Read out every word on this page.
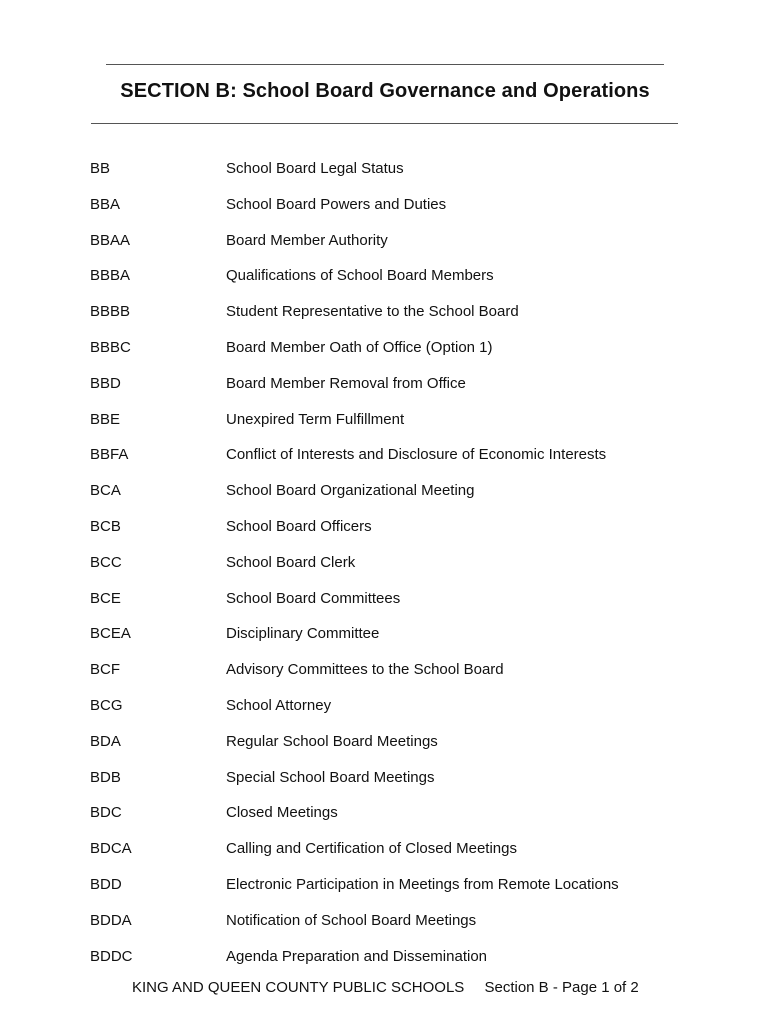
SECTION B: School Board Governance and Operations
BB	School Board Legal Status
BBA	School Board Powers and Duties
BBAA	Board Member Authority
BBBA	Qualifications of School Board Members
BBBB	Student Representative to the School Board
BBBC	Board Member Oath of Office (Option 1)
BBD	Board Member Removal from Office
BBE	Unexpired Term Fulfillment
BBFA	Conflict of Interests and Disclosure of Economic Interests
BCA	School Board Organizational Meeting
BCB	School Board Officers
BCC	School Board Clerk
BCE	School Board Committees
BCEA	Disciplinary Committee
BCF	Advisory Committees to the School Board
BCG	School Attorney
BDA	Regular School Board Meetings
BDB	Special School Board Meetings
BDC	Closed Meetings
BDCA	Calling and Certification of Closed Meetings
BDD	Electronic Participation in Meetings from Remote Locations
BDDA	Notification of School Board Meetings
BDDC	Agenda Preparation and Dissemination
KING AND QUEEN COUNTY PUBLIC SCHOOLS Section B - Page 1 of 2
